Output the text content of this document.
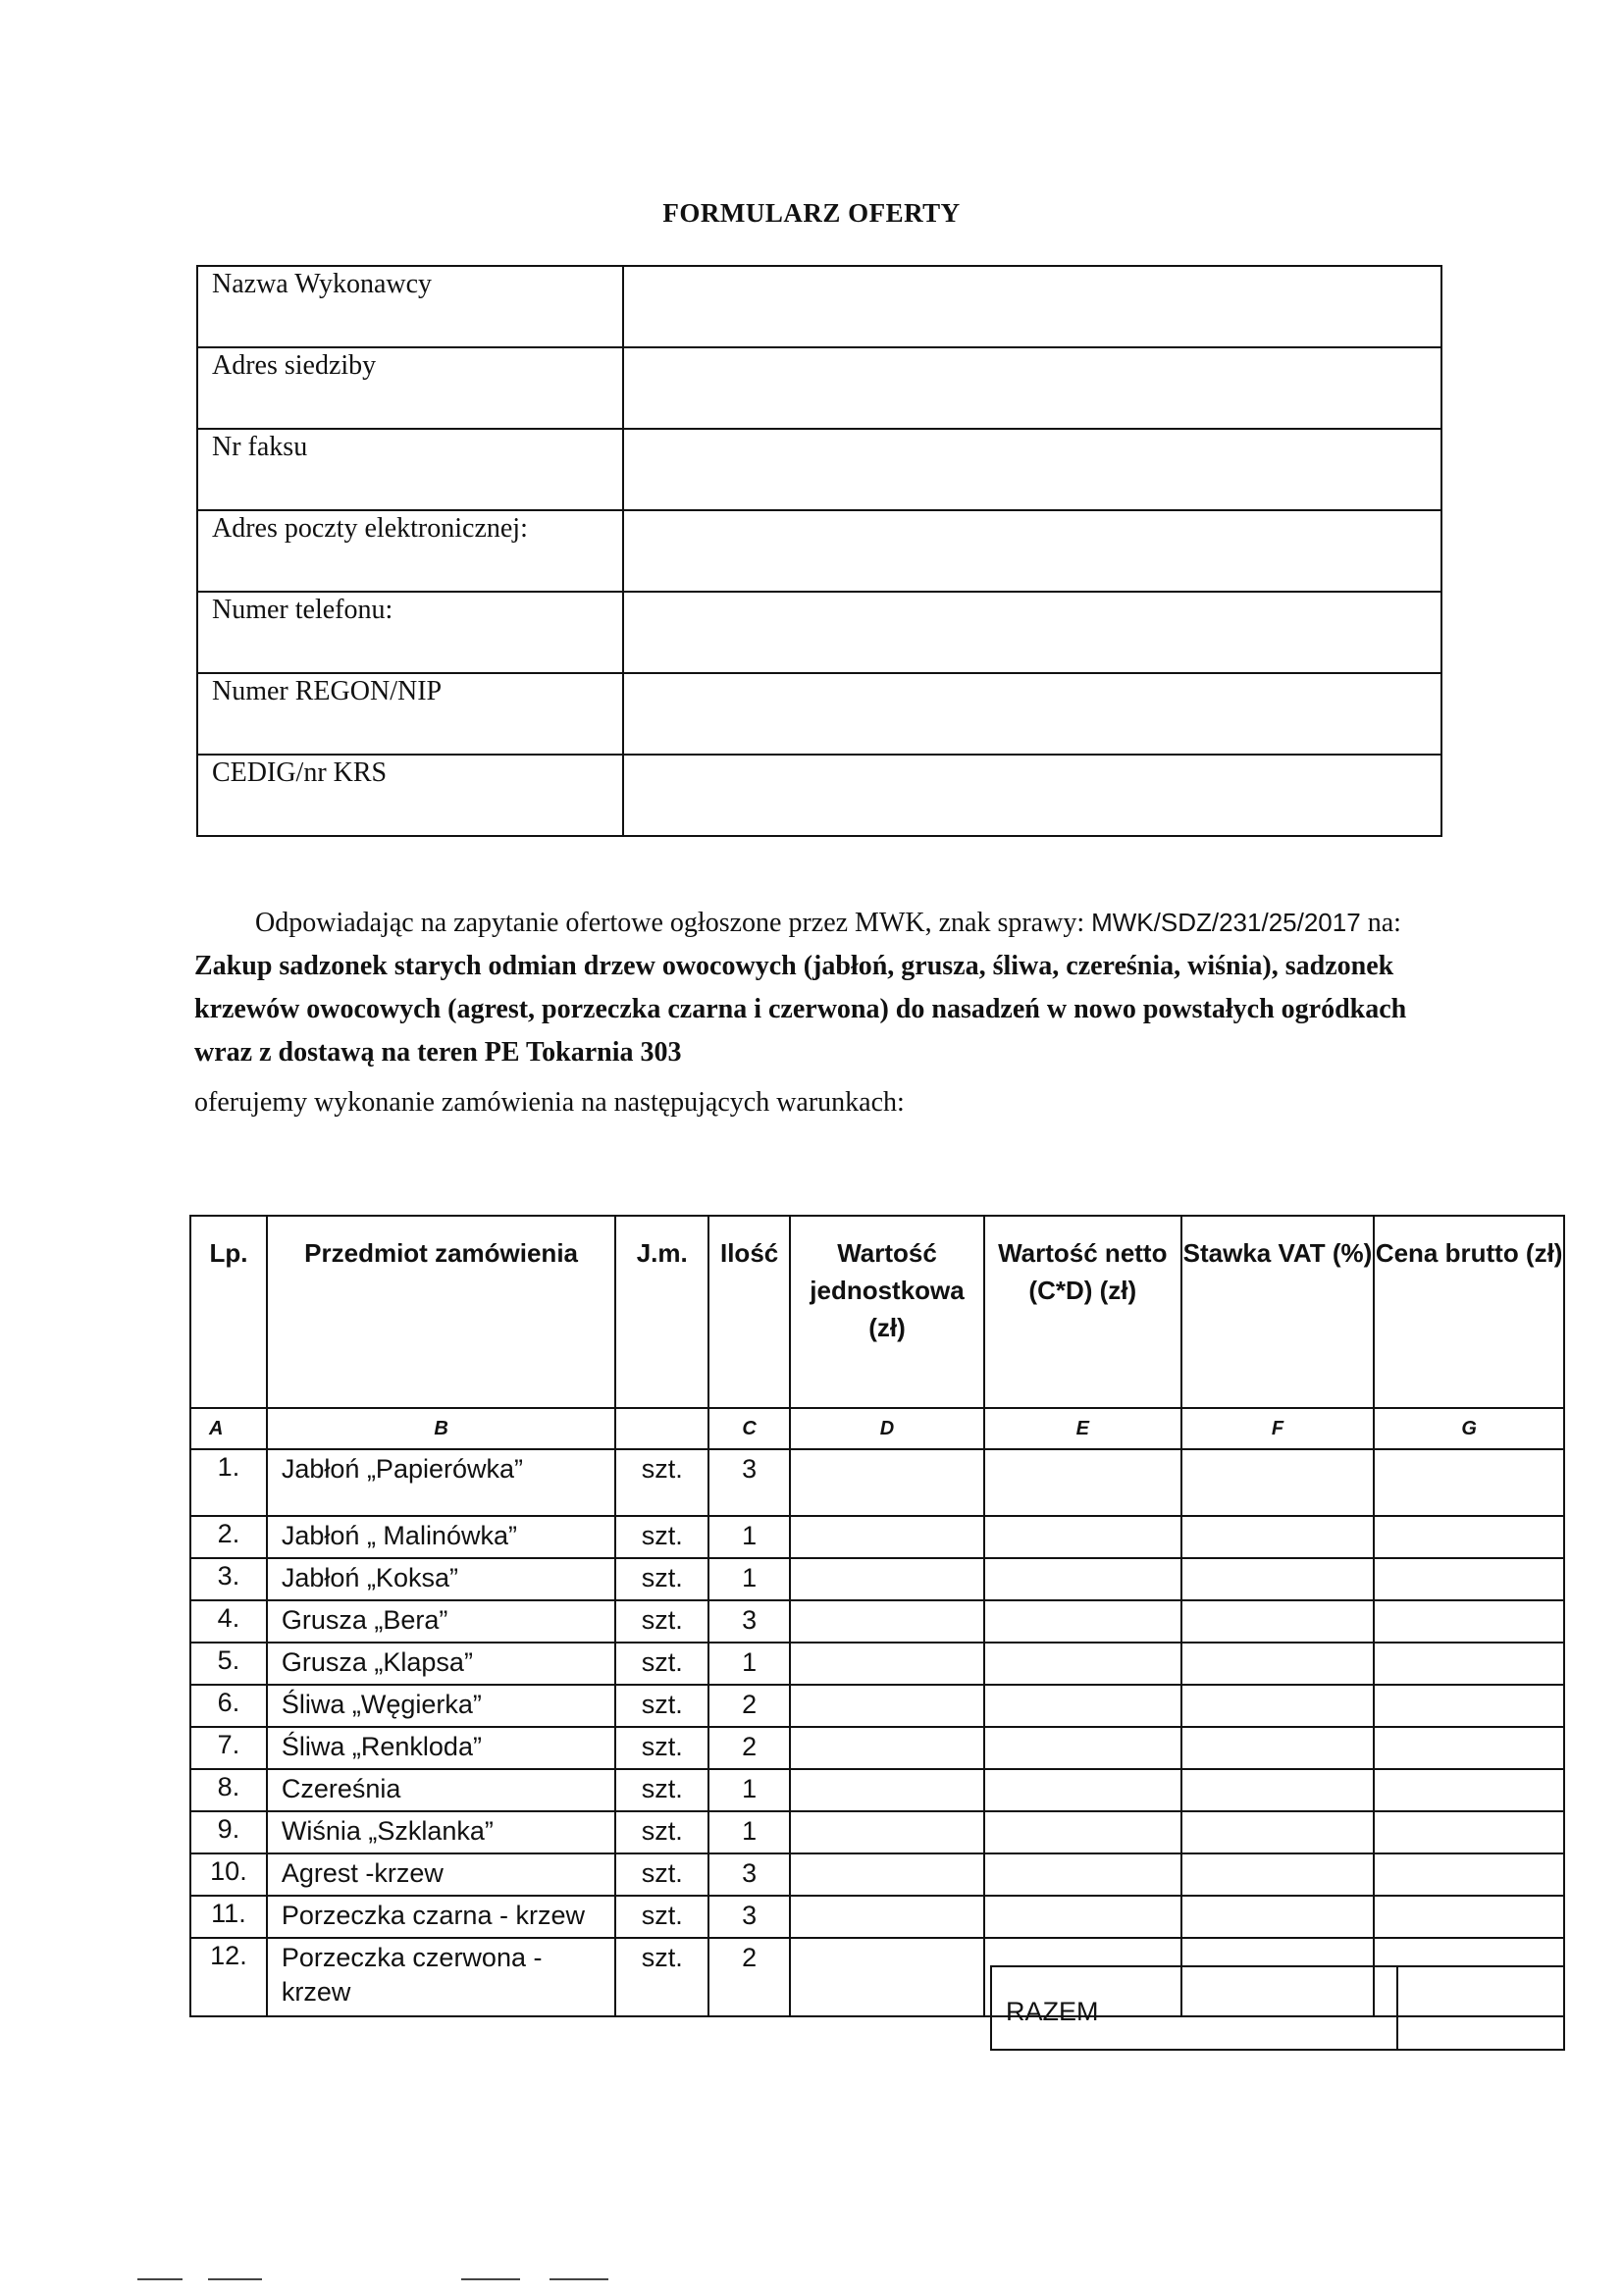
FORMULARZ OFERTY
Nazwa Wykonawcy	
Adres siedziby	
Nr faksu	
Adres poczty elektronicznej:	
Numer telefonu:	
Numer REGON/NIP	
CEDIG/nr KRS	
Odpowiadając na zapytanie ofertowe ogłoszone przez MWK, znak sprawy: MWK/SDZ/231/25/2017 na: Zakup sadzonek starych odmian drzew owocowych (jabłoń, grusza, śliwa, czereśnia, wiśnia), sadzonek krzewów owocowych (agrest, porzeczka czarna i czerwona) do nasadzeń w nowo powstałych ogródkach wraz z dostawą na teren PE Tokarnia 303
oferujemy wykonanie zamówienia na następujących warunkach:
Lp.	Przedmiot zamówienia	J.m.	Ilość	Wartość jednostkowa (zł)	Wartość netto (C*D) (zł)	Stawka VAT (%)	Cena brutto (zł)
A	B		C	D	E	F	G
1.	Jabłoń „Papierówka”	szt.	3				
2.	Jabłoń „ Malinówka”	szt.	1				
3.	Jabłoń „Koksa”	szt.	1				
4.	Grusza „Bera”	szt.	3				
5.	Grusza „Klapsa”	szt.	1				
6.	Śliwa „Węgierka”	szt.	2				
7.	Śliwa „Renkloda”	szt.	2				
8.	Czereśnia	szt.	1				
9.	Wiśnia „Szklanka”	szt.	1				
10.	Agrest -krzew	szt.	3				
11.	Porzeczka czarna - krzew	szt.	3				
12.	Porzeczka czerwona - krzew	szt.	2				
RAZEM	
